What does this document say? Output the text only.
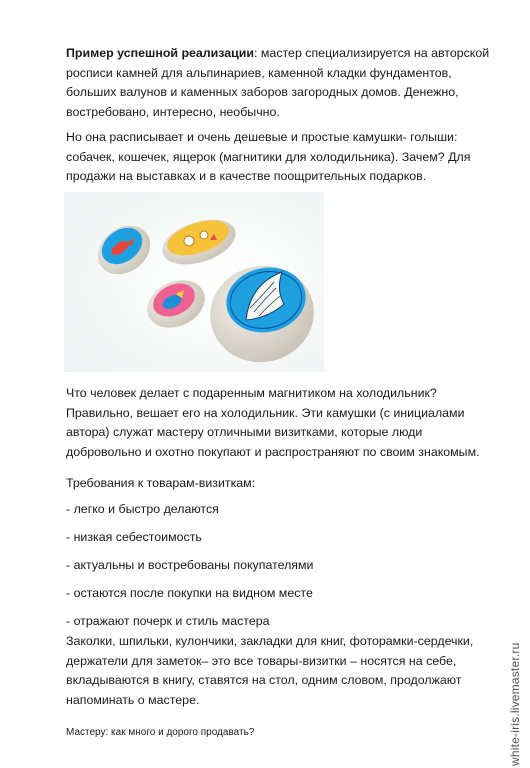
Пример успешной реализации: мастер специализируется на авторской росписи камней для альпинариев, каменной кладки фундаментов, больших валунов и каменных заборов загородных домов. Денежно, востребовано, интересно, необычно.

Но она расписывает и очень дешевые и простые камушки- голыши: собачек, кошечек, ящерок (магнитики для холодильника). Зачем? Для продажи на выставках и в качестве поощрительных подарков.

Что человек делает с подаренным магнитиком на холодильник? Правильно, вешает его на холодильник. Эти камушки (с инициалами автора) служат мастеру отличными визитками, которые люди добровольно и охотно покупают и распространяют по своим знакомым.

Требования к товарам-визиткам:

- легко и быстро делаются
- низкая себестоимость
- актуальны и востребованы покупателями
- остаются после покупки на видном месте
- отражают почерк и стиль мастера

Заколки, шпильки, кулончики, закладки для книг, фоторамки-сердечки, держатели для заметок– это все товары-визитки – носятся на себе, вкладываются в книгу, ставятся на стол, одним словом, продолжают напоминать о мастере.

Мастеру: как много и дорого продавать?	white-iris.livemaster.ru
